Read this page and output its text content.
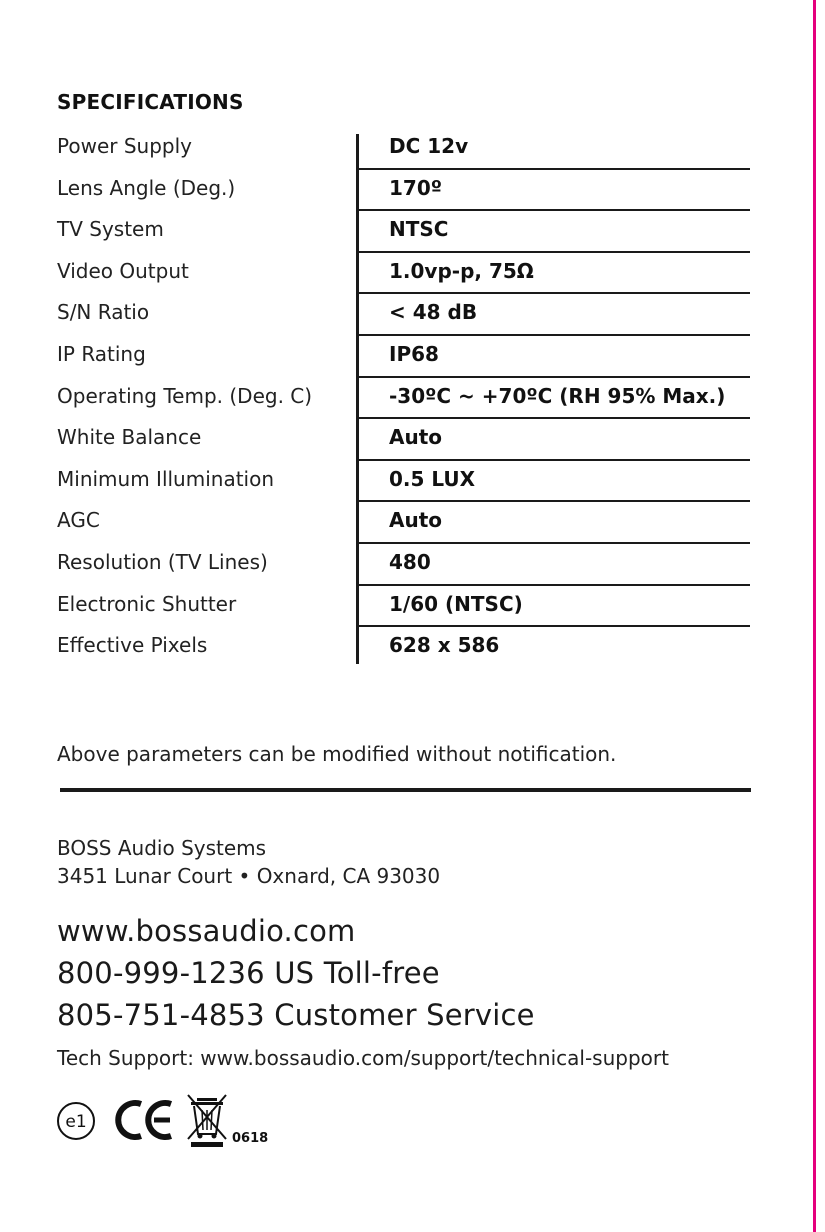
SPECIFICATIONS
Power Supply	DC 12v
Lens Angle (Deg.)	170º
TV System	NTSC
Video Output	1.0vp-p, 75Ω
S/N Ratio	< 48 dB
IP Rating	IP68
Operating Temp. (Deg. C)	-30ºC ~ +70ºC (RH 95% Max.)
White Balance	Auto
Minimum Illumination	0.5 LUX
AGC	Auto
Resolution (TV Lines)	480
Electronic Shutter	1/60 (NTSC)
Effective Pixels	628 x 586
Above parameters can be modified without notification.
BOSS Audio Systems
3451 Lunar Court • Oxnard, CA 93030
www.bossaudio.com
800-999-1236 US Toll-free
805-751-4853 Customer Service
Tech Support: www.bossaudio.com/support/technical-support
e1
0618
